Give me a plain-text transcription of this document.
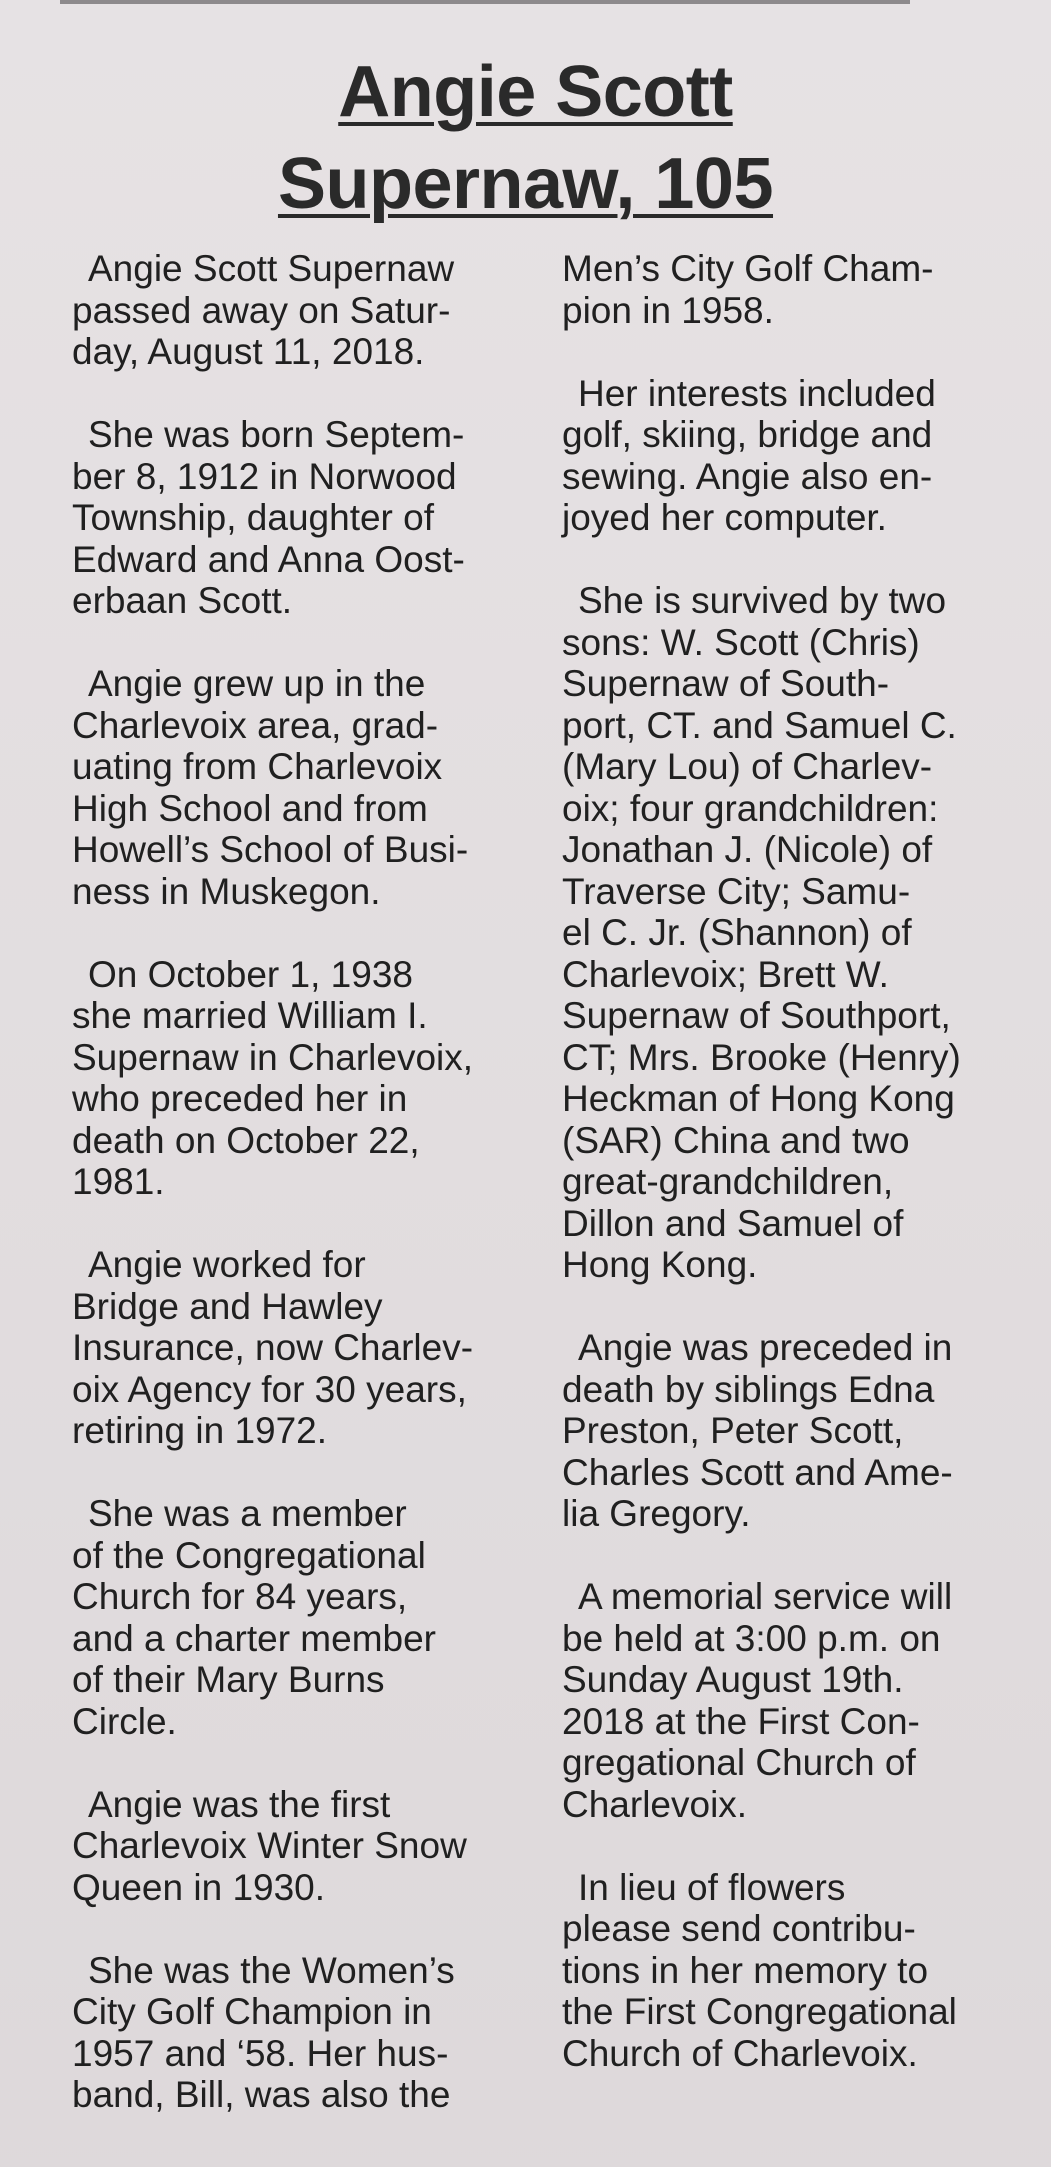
Angie Scott
Supernaw, 105

Angie Scott Supernaw
passed away on Satur-
day, August 11, 2018.

She was born Septem-
ber 8, 1912 in Norwood
Township, daughter of
Edward and Anna Oost-
erbaan Scott.

Angie grew up in the
Charlevoix area, grad-
uating from Charlevoix
High School and from
Howell’s School of Busi-
ness in Muskegon.

On October 1, 1938
she married William I.
Supernaw in Charlevoix,
who preceded her in
death on October 22,
1981.

Angie worked for
Bridge and Hawley
Insurance, now Charlev-
oix Agency for 30 years,
retiring in 1972.

She was a member
of the Congregational
Church for 84 years,
and a charter member
of their Mary Burns
Circle.

Angie was the first
Charlevoix Winter Snow
Queen in 1930.

She was the Women’s
City Golf Champion in
1957 and ‘58. Her hus-
band, Bill, was also the

Men’s City Golf Cham-
pion in 1958.

Her interests included
golf, skiing, bridge and
sewing. Angie also en-
joyed her computer.

She is survived by two
sons: W. Scott (Chris)
Supernaw of South-
port, CT. and Samuel C.
(Mary Lou) of Charlev-
oix; four grandchildren:
Jonathan J. (Nicole) of
Traverse City; Samu-
el C. Jr. (Shannon) of
Charlevoix; Brett W.
Supernaw of Southport,
CT; Mrs. Brooke (Henry)
Heckman of Hong Kong
(SAR) China and two
great-grandchildren,
Dillon and Samuel of
Hong Kong.

Angie was preceded in
death by siblings Edna
Preston, Peter Scott,
Charles Scott and Ame-
lia Gregory.

A memorial service will
be held at 3:00 p.m. on
Sunday August 19th.
2018 at the First Con-
gregational Church of
Charlevoix.

In lieu of flowers
please send contribu-
tions in her memory to
the First Congregational
Church of Charlevoix.
